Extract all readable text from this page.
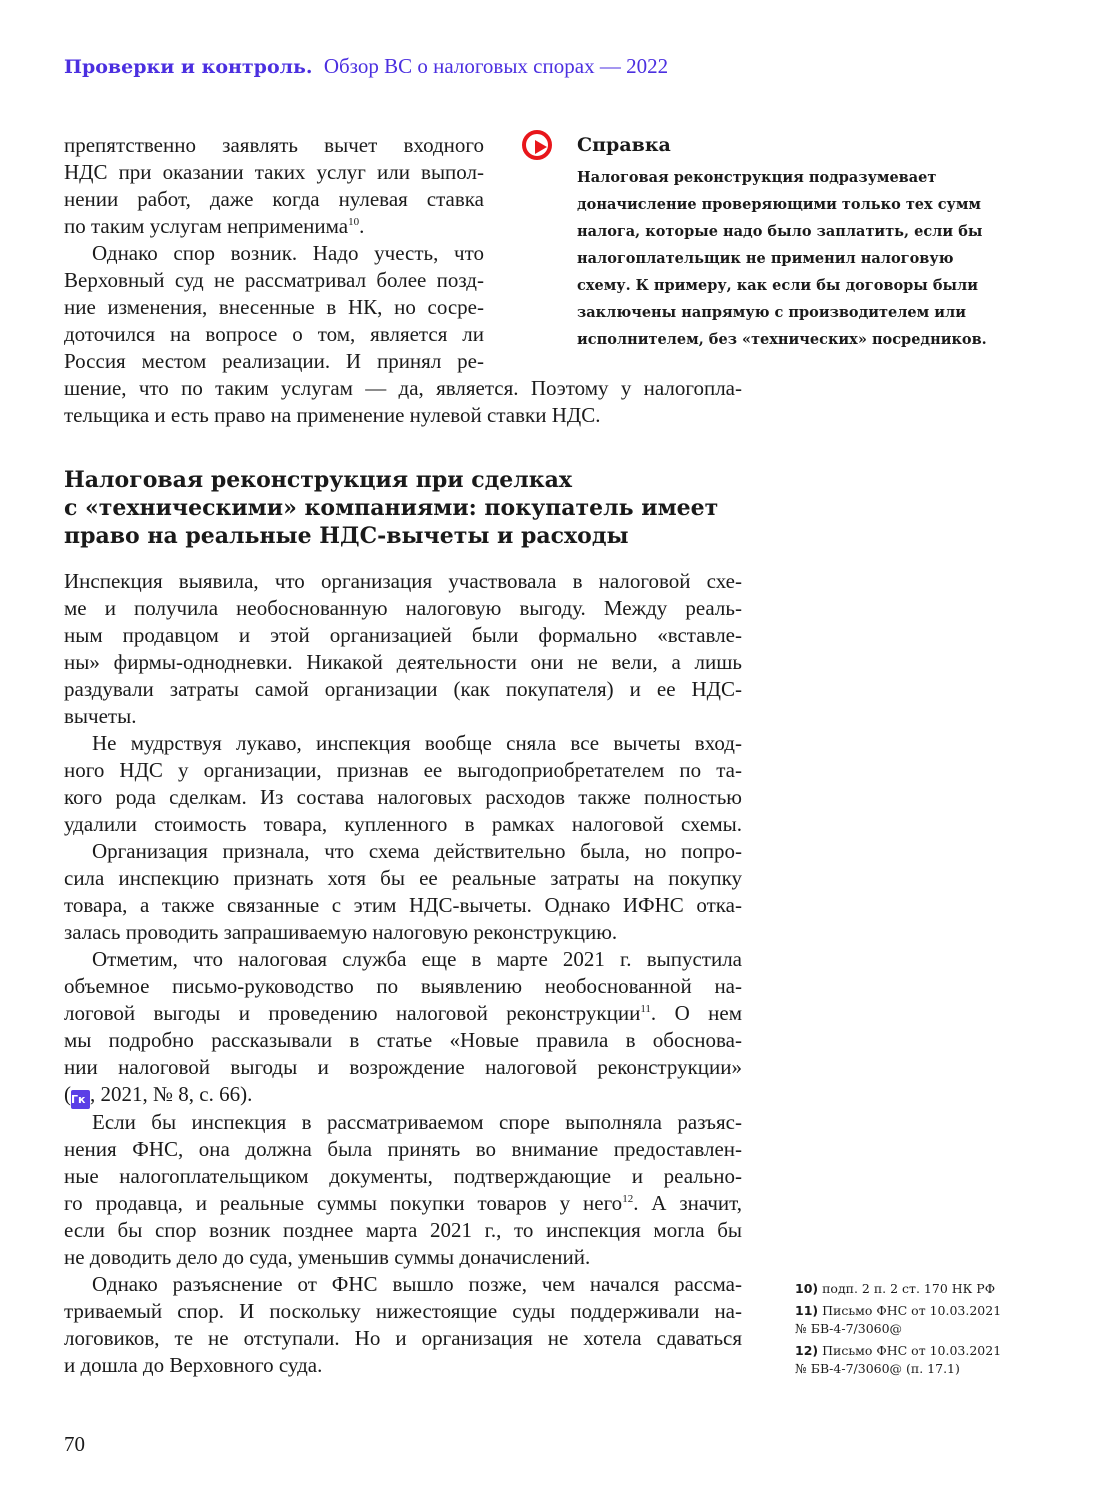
Проверки и контроль. Обзор ВС о налоговых спорах — 2022
препятственно заявлять вычет входного
НДС при оказании таких услуг или выпол-
нении работ, даже когда нулевая ставка
по таким услугам неприменима$^{10}$.
Однако спор возник. Надо учесть, что
Верховный суд не рассматривал более позд-
ние изменения, внесенные в НК, но сосре-
доточился на вопросе о том, является ли
Россия местом реализации. И принял ре-
шение, что по таким услугам — да, является. Поэтому у налогопла-
тельщика и есть право на применение нулевой ставки НДС.
Справка
Налоговая реконструкция подразумевает
доначисление проверяющими только тех сумм
налога, которые надо было заплатить, если бы
налогоплательщик не применил налоговую
схему. К примеру, как если бы договоры были
заключены напрямую с производителем или
исполнителем, без «технических» посредников.
Налоговая реконструкция при сделках
с «техническими» компаниями: покупатель имеет
право на реальные НДС-вычеты и расходы
Инспекция выявила, что организация участвовала в налоговой схе-
ме и получила необоснованную налоговую выгоду. Между реаль-
ным продавцом и этой организацией были формально «вставле-
ны» фирмы-однодневки. Никакой деятельности они не вели, а лишь
раздували затраты самой организации (как покупателя) и ее НДС-
вычеты.
Не мудрствуя лукаво, инспекция вообще сняла все вычеты вход-
ного НДС у организации, признав ее выгодоприобретателем по та-
кого рода сделкам. Из состава налоговых расходов также полностью
удалили стоимость товара, купленного в рамках налоговой схемы.
Организация признала, что схема действительно была, но попро-
сила инспекцию признать хотя бы ее реальные затраты на покупку
товара, а также связанные с этим НДС-вычеты. Однако ИФНС отка-
залась проводить запрашиваемую налоговую реконструкцию.
Отметим, что налоговая служба еще в марте 2021 г. выпустила
объемное письмо-руководство по выявлению необоснованной на-
логовой выгоды и проведению налоговой реконструкции$^{11}$. О нем
мы подробно рассказывали в статье «Новые правила в обоснова-
нии налоговой выгоды и возрождение налоговой реконструкции»
(Гк , 2021, № 8, с. 66).
Если бы инспекция в рассматриваемом споре выполняла разъяс-
нения ФНС, она должна была принять во внимание предоставлен-
ные налогоплательщиком документы, подтверждающие и реально-
го продавца, и реальные суммы покупки товаров у него$^{12}$. А значит,
если бы спор возник позднее марта 2021 г., то инспекция могла бы
не доводить дело до суда, уменьшив суммы доначислений.
Однако разъяснение от ФНС вышло позже, чем начался рассма-
триваемый спор. И поскольку нижестоящие суды поддерживали на-
логовиков, те не отступали. Но и организация не хотела сдаваться
и дошла до Верховного суда.
10) подп. 2 п. 2 ст. 170 НК РФ
11) Письмо ФНС от 10.03.2021
№ БВ-4-7/3060@
12) Письмо ФНС от 10.03.2021
№ БВ-4-7/3060@ (п. 17.1)
70
